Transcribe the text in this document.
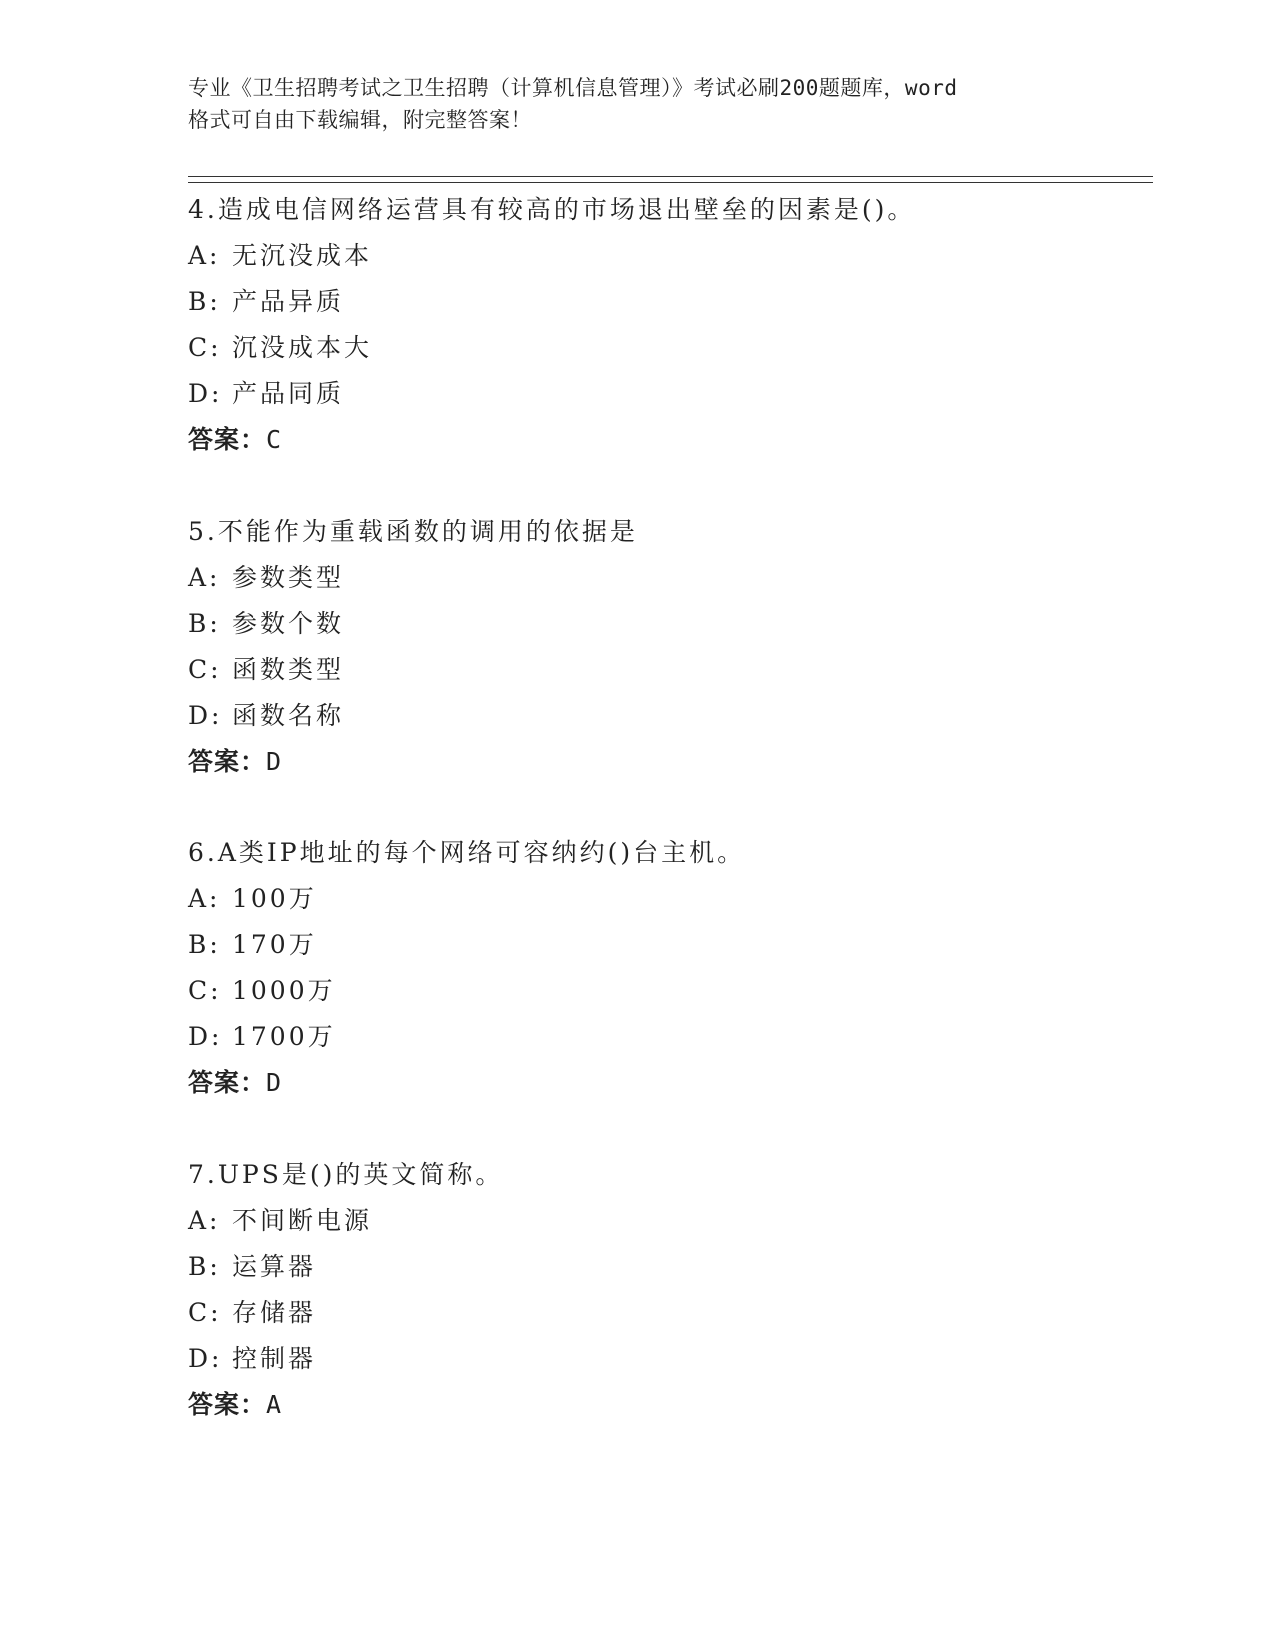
专业《卫生招聘考试之卫生招聘（计算机信息管理）》考试必刷200题题库，word
格式可自由下载编辑，附完整答案！
4.造成电信网络运营具有较高的市场退出壁垒的因素是()。
A: 无沉没成本
B: 产品异质
C: 沉没成本大
D: 产品同质
答案：C
5.不能作为重载函数的调用的依据是
A: 参数类型
B: 参数个数
C: 函数类型
D: 函数名称
答案：D
6.A类IP地址的每个网络可容纳约()台主机。
A: 100万
B: 170万
C: 1000万
D: 1700万
答案：D
7.UPS是()的英文简称。
A: 不间断电源
B: 运算器
C: 存储器
D: 控制器
答案：A
